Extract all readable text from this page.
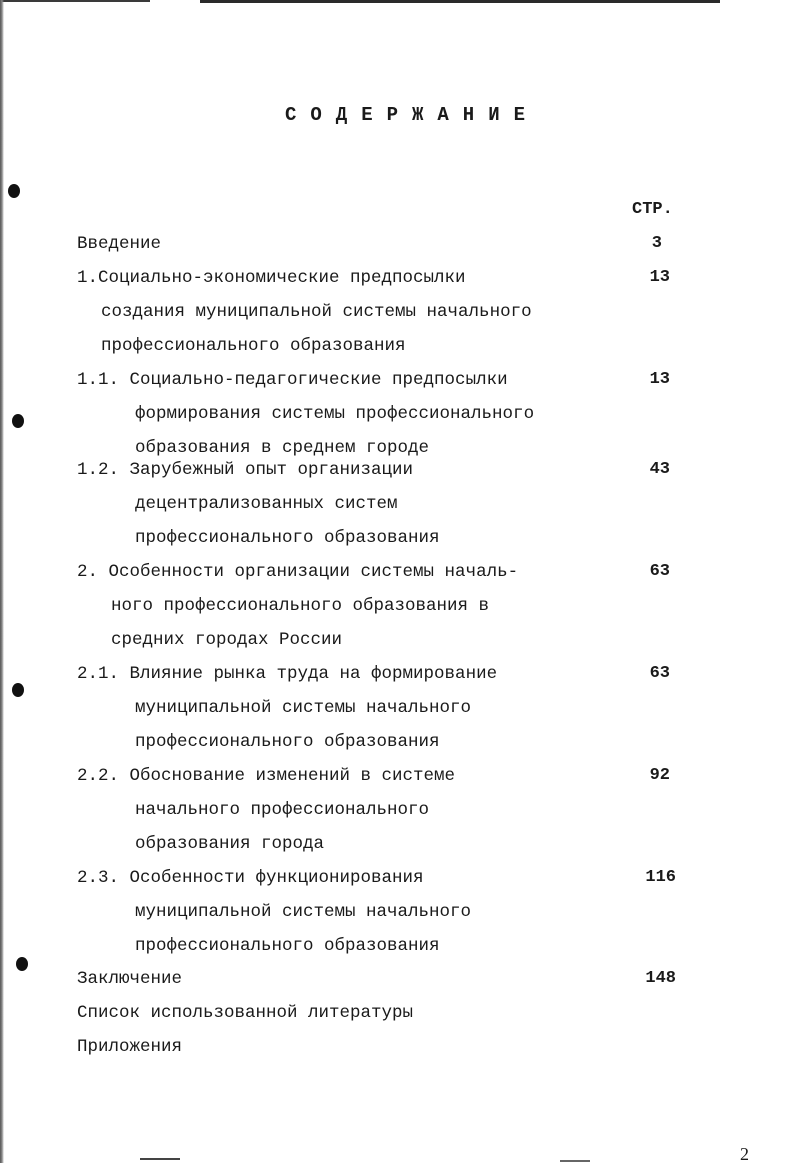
СОДЕРЖАНИЕ
СТР.
Введение	3
1.Социально-экономические предпосылки
создания муниципальной системы начального
профессионального образования
13
1.1. Социально-педагогические предпосылки
формирования системы профессионального
образования в среднем городе
13
1.2. Зарубежный опыт организации
децентрализованных систем
профессионального образования
43
2. Особенности организации системы началь-
ного профессионального образования в
средних городах России
63
2.1. Влияние рынка труда на формирование
муниципальной системы начального
профессионального образования
63
2.2. Обоснование изменений в системе
начального профессионального
образования города
92
2.3. Особенности функционирования
муниципальной системы начального
профессионального образования
116
Заключение	148
Список использованной литературы
Приложения
2
